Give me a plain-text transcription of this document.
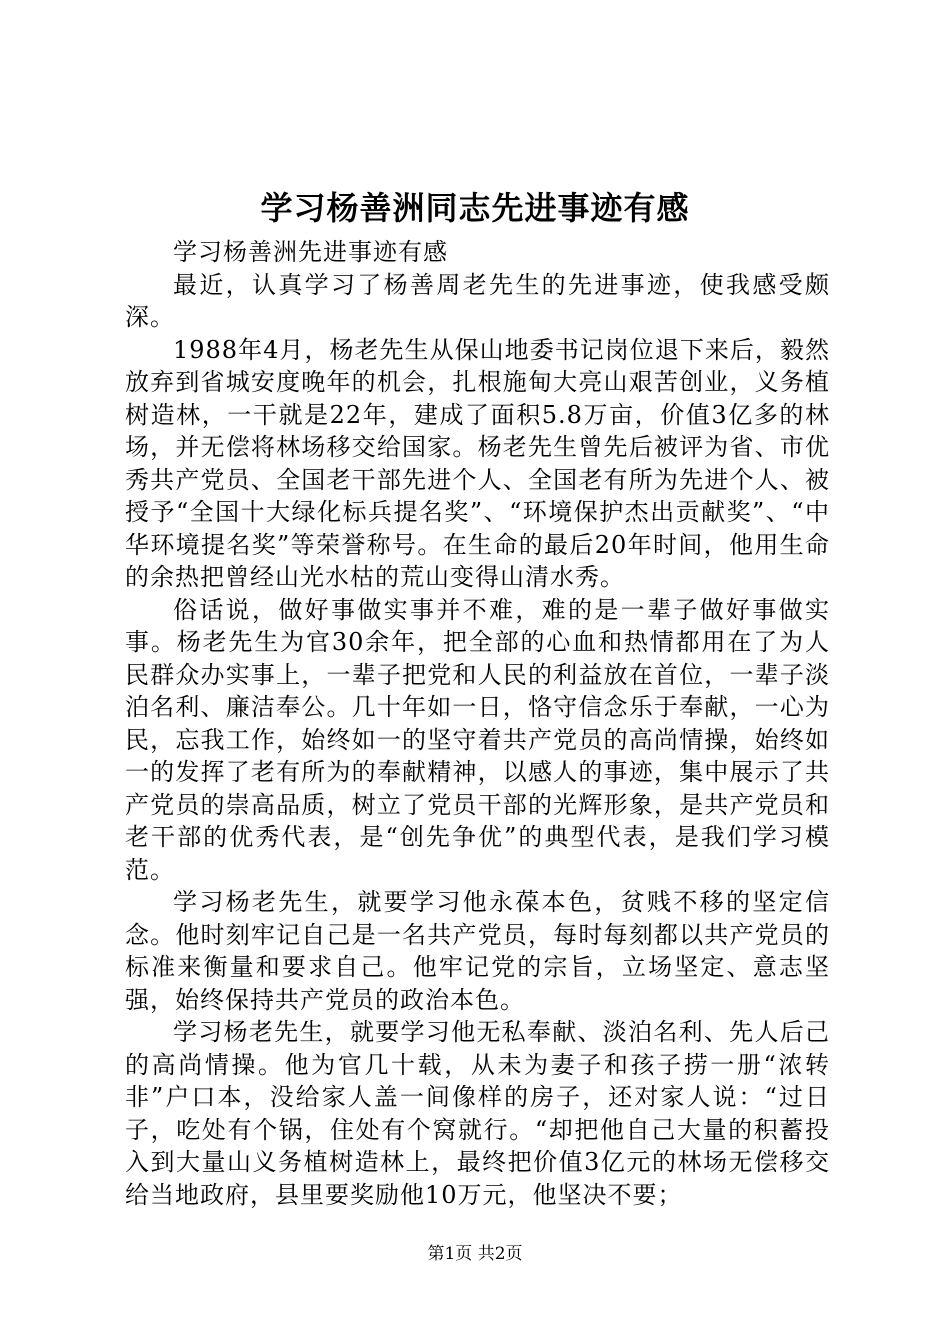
学习杨善洲同志先进事迹有感

学习杨善洲先进事迹有感

最近，认真学习了杨善周老先生的先进事迹，使我感受颇深。

1988年4月，杨老先生从保山地委书记岗位退下来后，毅然放弃到省城安度晚年的机会，扎根施甸大亮山艰苦创业，义务植树造林，一干就是22年，建成了面积5.8万亩，价值3亿多的林场，并无偿将林场移交给国家。杨老先生曾先后被评为省、市优秀共产党员、全国老干部先进个人、全国老有所为先进个人、被授予“全国十大绿化标兵提名奖”、“环境保护杰出贡献奖”、“中华环境提名奖”等荣誉称号。在生命的最后20年时间，他用生命的余热把曾经山光水枯的荒山变得山清水秀。

俗话说，做好事做实事并不难，难的是一辈子做好事做实事。杨老先生为官30余年，把全部的心血和热情都用在了为人民群众办实事上，一辈子把党和人民的利益放在首位，一辈子淡泊名利、廉洁奉公。几十年如一日，恪守信念乐于奉献，一心为民，忘我工作，始终如一的坚守着共产党员的高尚情操，始终如一的发挥了老有所为的奉献精神，以感人的事迹，集中展示了共产党员的崇高品质，树立了党员干部的光辉形象，是共产党员和老干部的优秀代表，是“创先争优”的典型代表，是我们学习模范。

学习杨老先生，就要学习他永葆本色，贫贱不移的坚定信念。他时刻牢记自己是一名共产党员，每时每刻都以共产党员的标准来衡量和要求自己。他牢记党的宗旨，立场坚定、意志坚强，始终保持共产党员的政治本色。

学习杨老先生，就要学习他无私奉献、淡泊名利、先人后己的高尚情操。他为官几十载，从未为妻子和孩子捞一册“浓转非”户口本，没给家人盖一间像样的房子，还对家人说：“过日子，吃处有个锅，住处有个窝就行。“却把他自己大量的积蓄投入到大量山义务植树造林上，最终把价值3亿元的林场无偿移交给当地政府，县里要奖励他10万元，他坚决不要；

第1页 共2页
